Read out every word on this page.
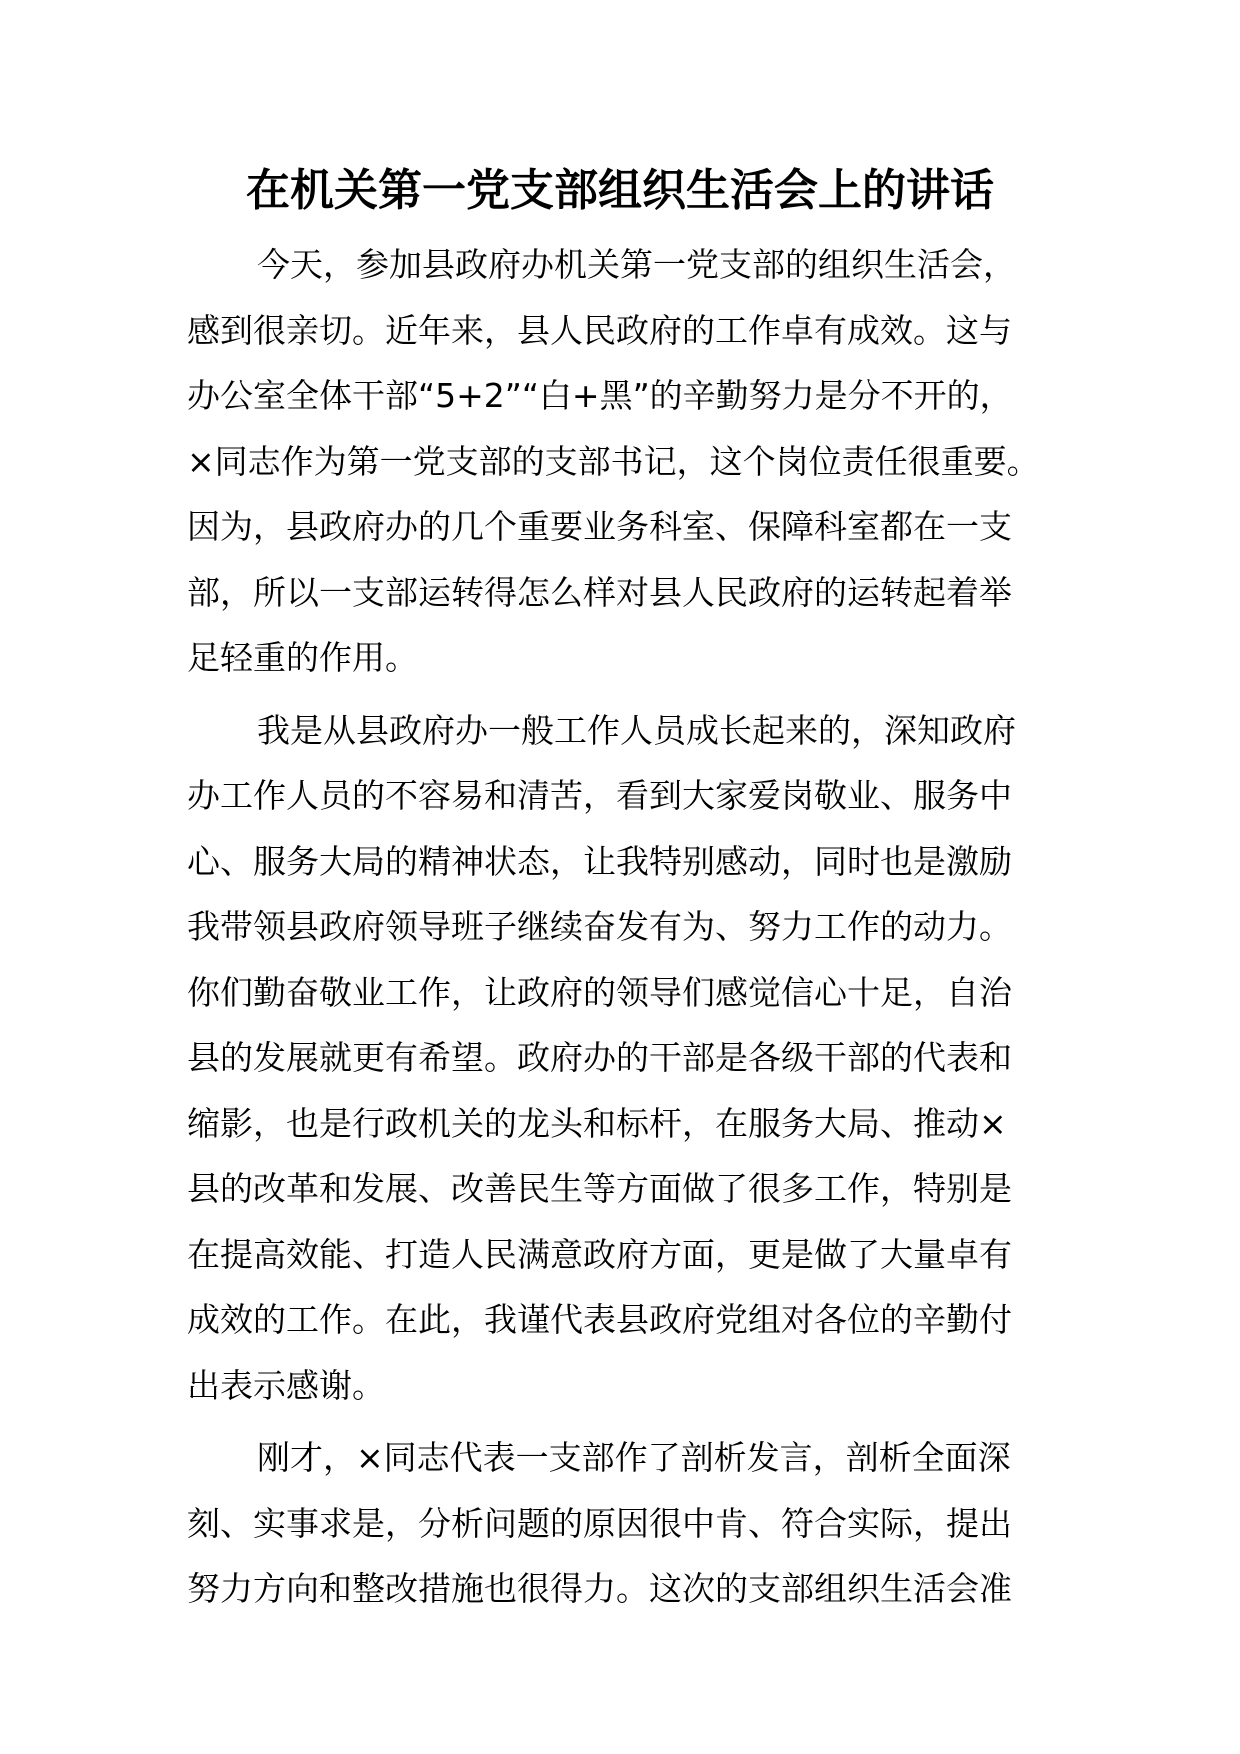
在机关第一党支部组织生活会上的讲话

今天，参加县政府办机关第一党支部的组织生活会，
感到很亲切。近年来，县人民政府的工作卓有成效。这与
办公室全体干部“5+2”“白+黑”的辛勤努力是分不开的，
×同志作为第一党支部的支部书记，这个岗位责任很重要。
因为，县政府办的几个重要业务科室、保障科室都在一支
部，所以一支部运转得怎么样对县人民政府的运转起着举
足轻重的作用。

我是从县政府办一般工作人员成长起来的，深知政府
办工作人员的不容易和清苦，看到大家爱岗敬业、服务中
心、服务大局的精神状态，让我特别感动，同时也是激励
我带领县政府领导班子继续奋发有为、努力工作的动力。
你们勤奋敬业工作，让政府的领导们感觉信心十足，自治
县的发展就更有希望。政府办的干部是各级干部的代表和
缩影，也是行政机关的龙头和标杆，在服务大局、推动×
县的改革和发展、改善民生等方面做了很多工作，特别是
在提高效能、打造人民满意政府方面，更是做了大量卓有
成效的工作。在此，我谨代表县政府党组对各位的辛勤付
出表示感谢。

刚才，×同志代表一支部作了剖析发言，剖析全面深
刻、实事求是，分析问题的原因很中肯、符合实际，提出
努力方向和整改措施也很得力。这次的支部组织生活会准
